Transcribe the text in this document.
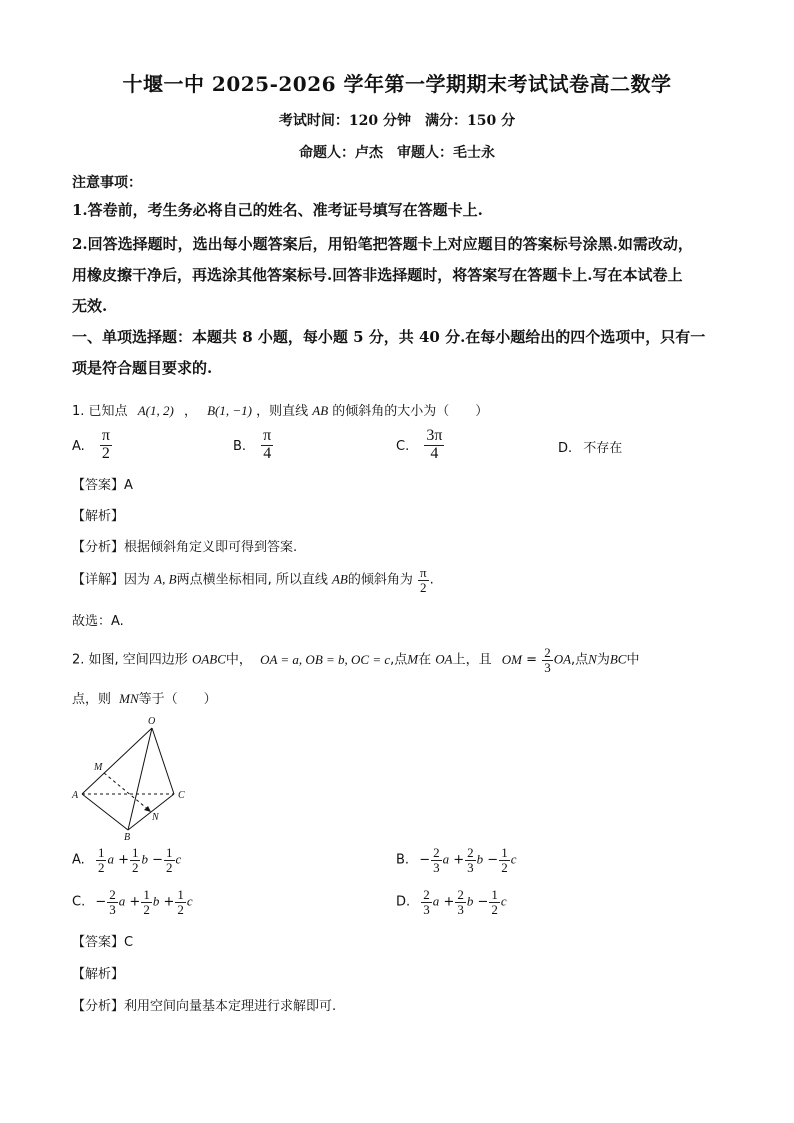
十堰一中 2025-2026 学年第一学期期末考试试卷高二数学
考试时间：120 分钟　满分：150 分
命题人：卢杰　审题人：毛士永
注意事项：
1.答卷前，考生务必将自己的姓名、准考证号填写在答题卡上.
2.回答选择题时，选出每小题答案后，用铅笔把答题卡上对应题目的答案标号涂黑.如需改动，
用橡皮擦干净后，再选涂其他答案标号.回答非选择题时，将答案写在答题卡上.写在本试卷上
无效.
一、单项选择题：本题共 8 小题，每小题 5 分，共 40 分.在每小题给出的四个选项中，只有一
项是符合题目要求的.
1. 已知点 A(1, 2) ， B(1, −1) ，则直线 AB 的倾斜角的大小为（　　）
A. $\frac{\pi}{2}$	B. $\frac{\pi}{4}$	C. $\frac{3\pi}{4}$	D. 不存在
【答案】A
【解析】
【分析】根据倾斜角定义即可得到答案.
【详解】因为 A, B两点横坐标相同, 所以直线 AB的倾斜角为 $\frac{\pi}{2}$ .
故选：A.
2. 如图, 空间四边形 OABC中， OA = a, OB = b, OC = c,点M在 OA上，且 OM = $\frac{2}{3}$ OA,点N为BC中
点，则 MN等于（　　）
O
M
A	C
N
B
A. $\frac{1}{2}$ $a + \frac{1}{2}$ $b - \frac{1}{2}$ c	B. − $\frac{2}{3}$ $a + \frac{2}{3}$ $b - \frac{1}{2}$ c
C. − $\frac{2}{3}$ $a + \frac{1}{2}$ $b + \frac{1}{2}$ c	D. $\frac{2}{3}$ $a + \frac{2}{3}$ $b - \frac{1}{2}$ c
【答案】C
【解析】
【分析】利用空间向量基本定理进行求解即可.
